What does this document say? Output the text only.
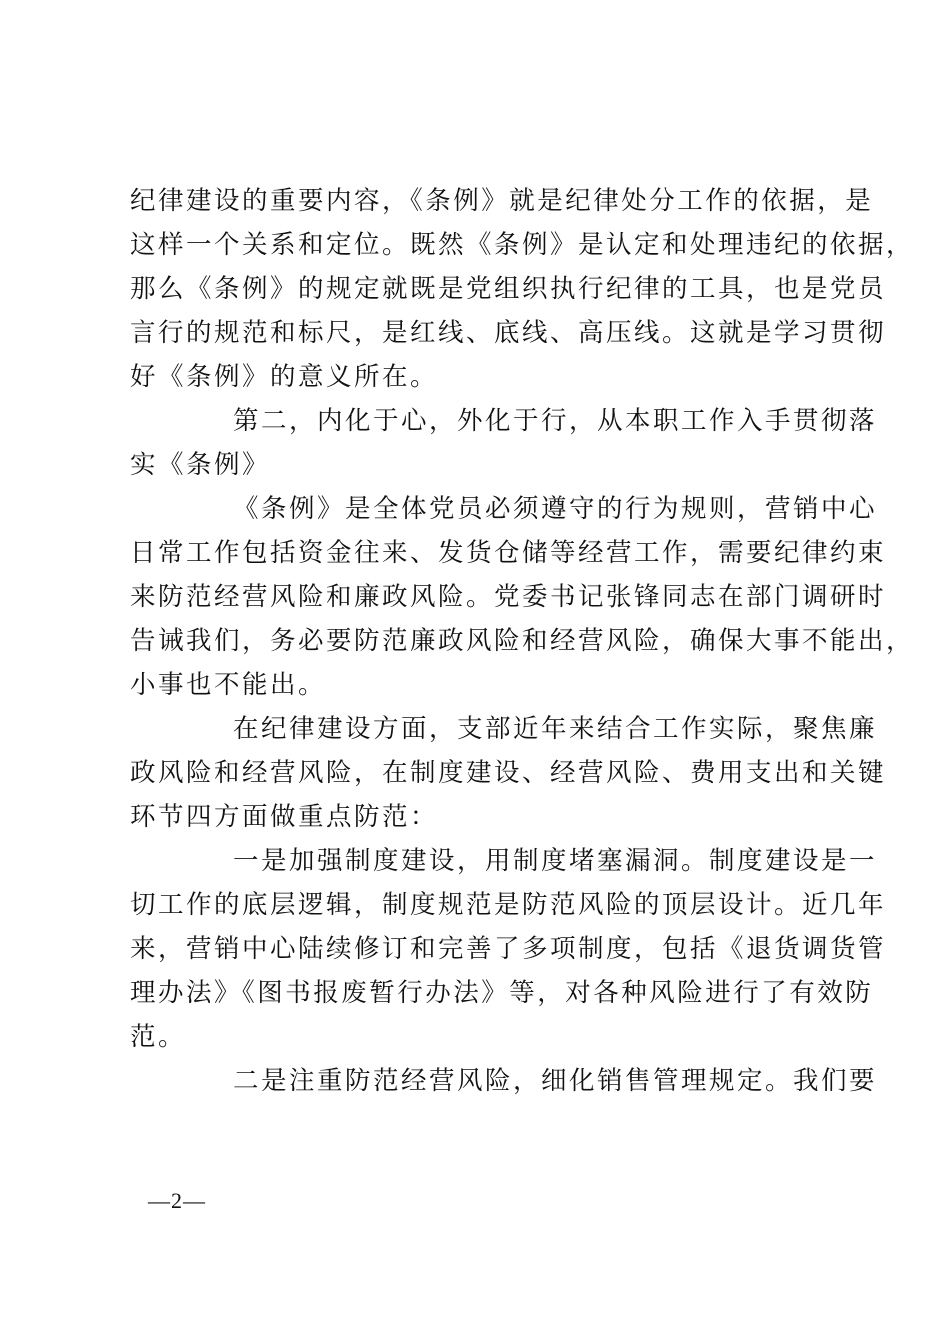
纪律建设的重要内容，《条例》就是纪律处分工作的依据，是
这样一个关系和定位。既然《条例》是认定和处理违纪的依据，
那么《条例》的规定就既是党组织执行纪律的工具，也是党员
言行的规范和标尺，是红线、底线、高压线。这就是学习贯彻
好《条例》的意义所在。
第二，内化于心，外化于行，从本职工作入手贯彻落
实《条例》
《条例》是全体党员必须遵守的行为规则，营销中心
日常工作包括资金往来、发货仓储等经营工作，需要纪律约束
来防范经营风险和廉政风险。党委书记张锋同志在部门调研时
告诫我们，务必要防范廉政风险和经营风险，确保大事不能出，
小事也不能出。
在纪律建设方面，支部近年来结合工作实际，聚焦廉
政风险和经营风险，在制度建设、经营风险、费用支出和关键
环节四方面做重点防范：
一是加强制度建设，用制度堵塞漏洞。制度建设是一
切工作的底层逻辑，制度规范是防范风险的顶层设计。近几年
来，营销中心陆续修订和完善了多项制度，包括《退货调货管
理办法》《图书报废暂行办法》等，对各种风险进行了有效防
范。
二是注重防范经营风险，细化销售管理规定。我们要
—2—
